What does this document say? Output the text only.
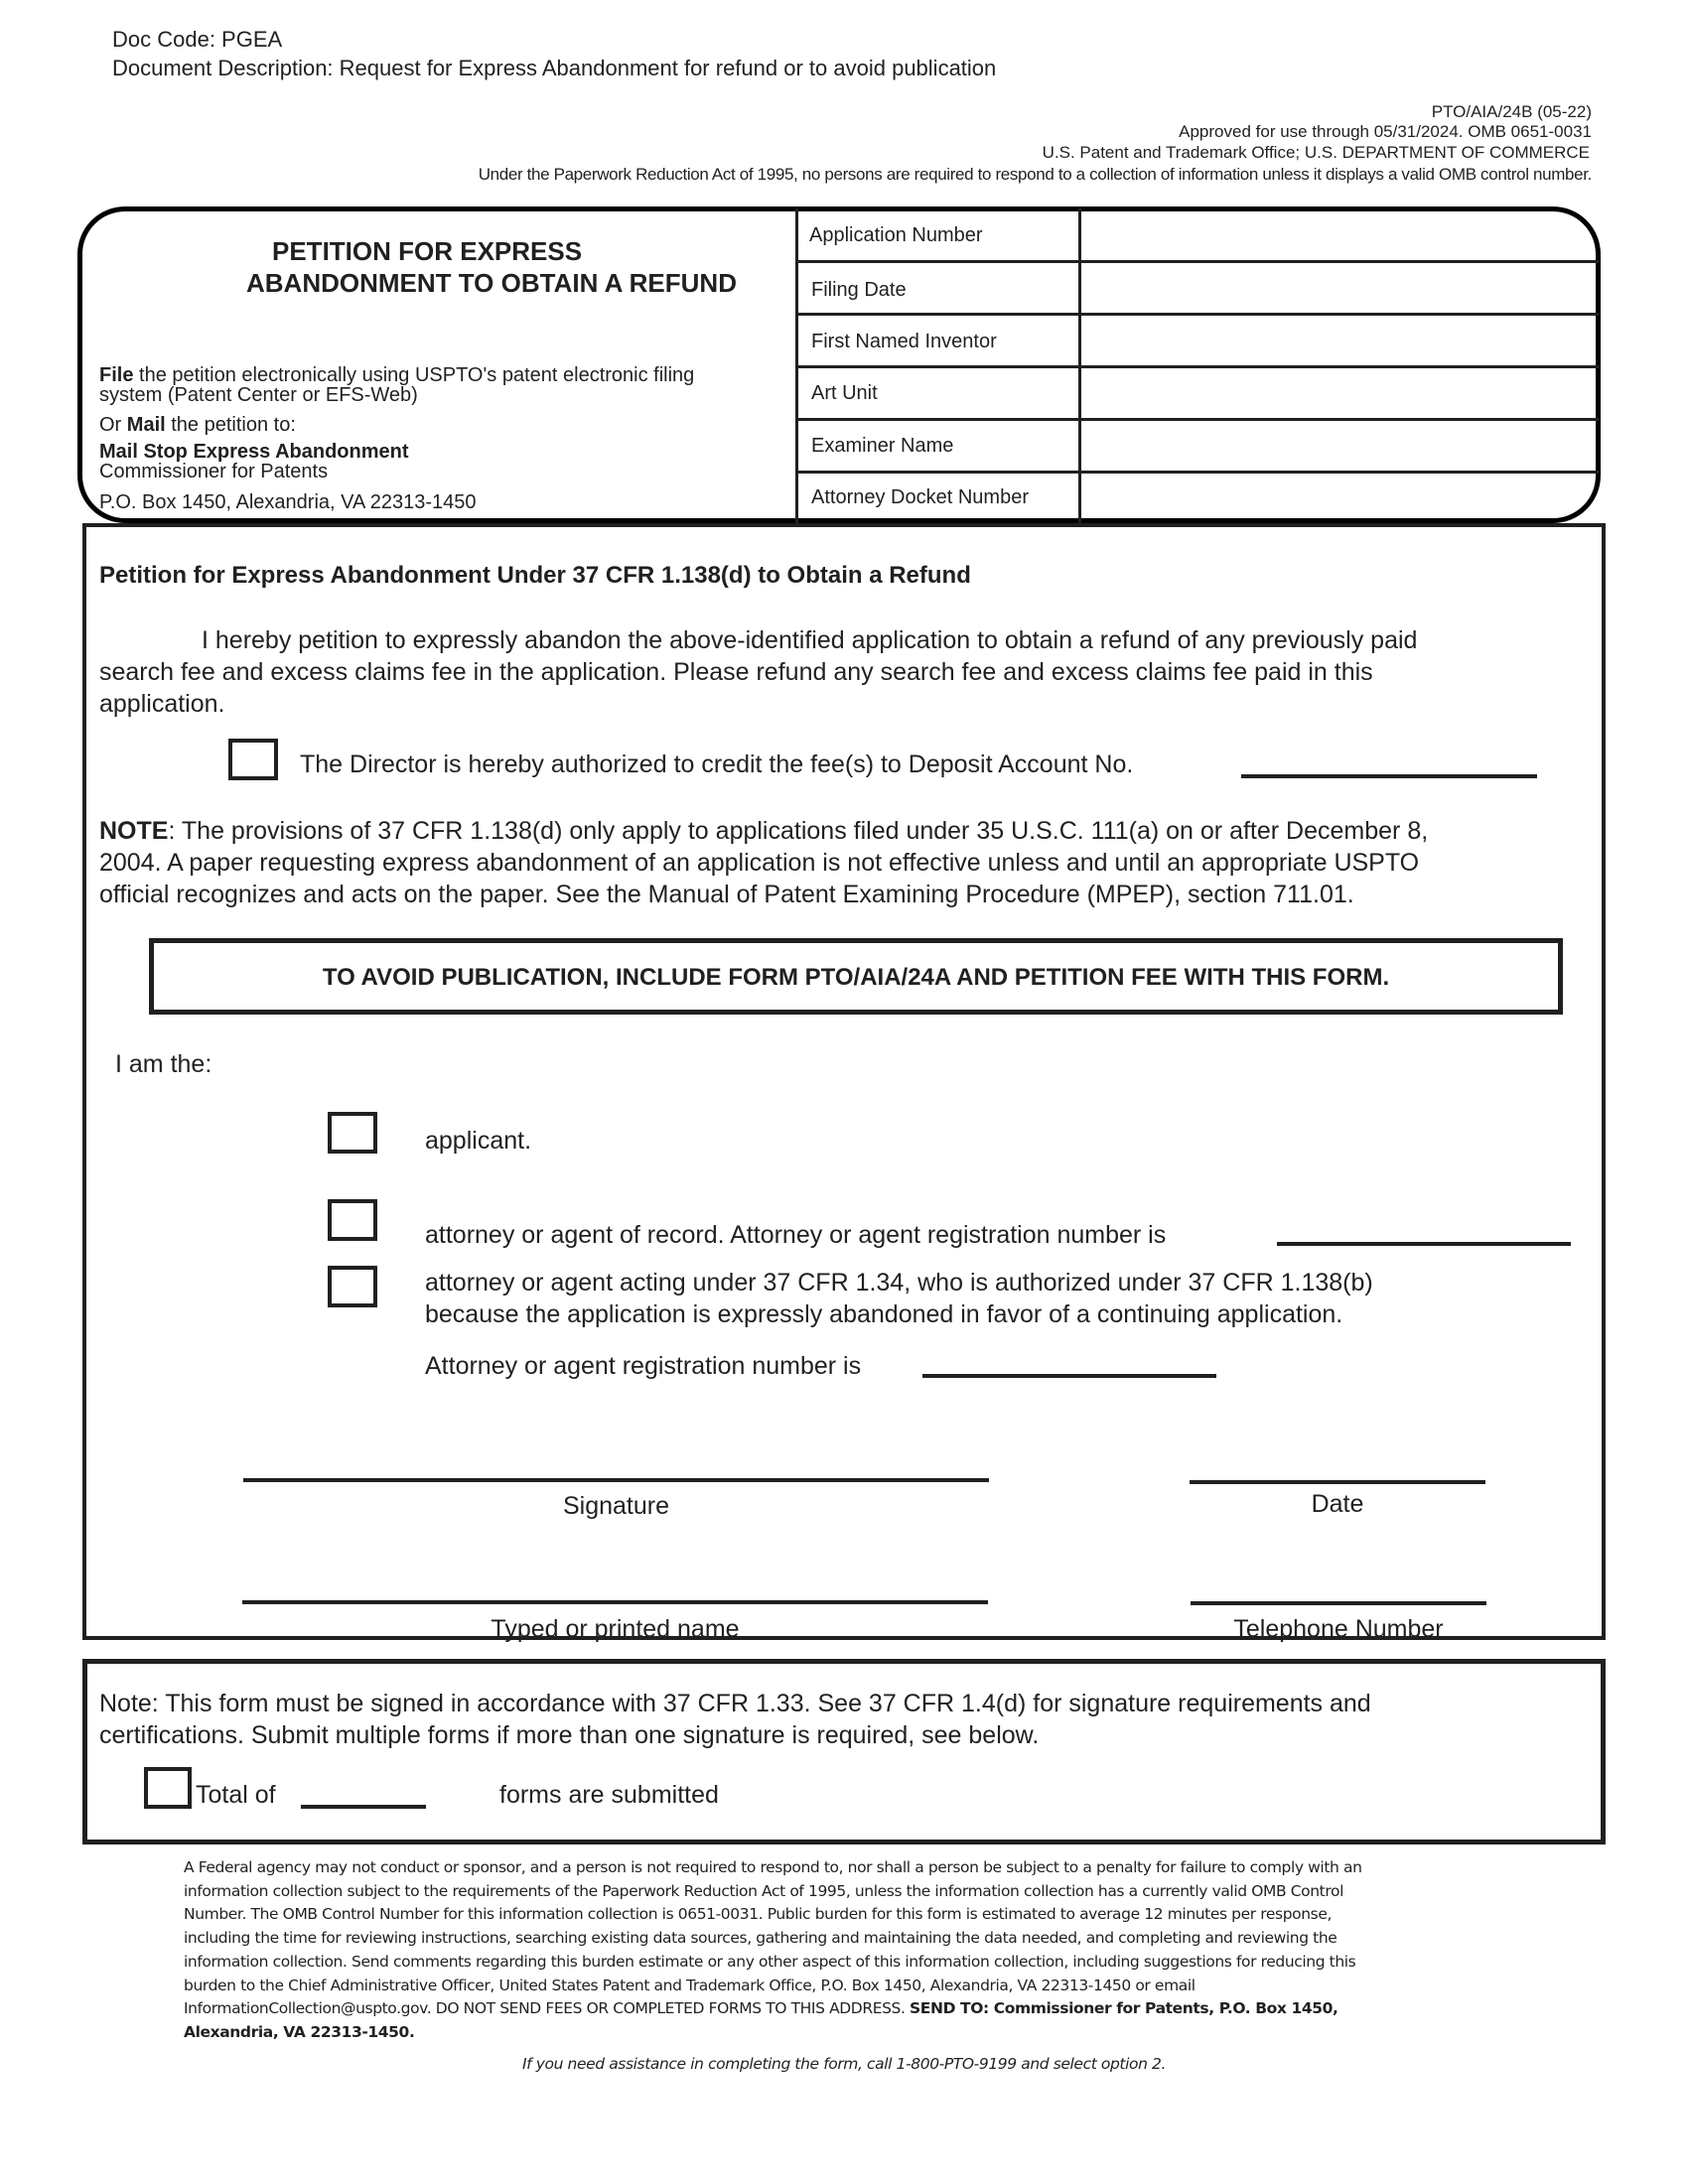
Doc Code: PGEA
Document Description: Request for Express Abandonment for refund or to avoid publication
PTO/AIA/24B (05-22)
Approved for use through 05/31/2024. OMB 0651-0031
U.S. Patent and Trademark Office; U.S. DEPARTMENT OF COMMERCE
Under the Paperwork Reduction Act of 1995, no persons are required to respond to a collection of information unless it displays a valid OMB control number.
PETITION FOR EXPRESS
ABANDONMENT TO OBTAIN A REFUND
File the petition electronically using USPTO's patent electronic filing
system (Patent Center or EFS-Web)
Or Mail the petition to:
Mail Stop Express Abandonment
Commissioner for Patents
P.O. Box 1450, Alexandria, VA 22313-1450
Application Number
Filing Date
First Named Inventor
Art Unit
Examiner Name
Attorney Docket Number
Petition for Express Abandonment Under 37 CFR 1.138(d) to Obtain a Refund
I hereby petition to expressly abandon the above-identified application to obtain a refund of any previously paid
search fee and excess claims fee in the application. Please refund any search fee and excess claims fee paid in this
application.
The Director is hereby authorized to credit the fee(s) to Deposit Account No.
NOTE: The provisions of 37 CFR 1.138(d) only apply to applications filed under 35 U.S.C. 111(a) on or after December 8,
2004. A paper requesting express abandonment of an application is not effective unless and until an appropriate USPTO
official recognizes and acts on the paper. See the Manual of Patent Examining Procedure (MPEP), section 711.01.
TO AVOID PUBLICATION, INCLUDE FORM PTO/AIA/24A AND PETITION FEE WITH THIS FORM.
I am the:
applicant.
attorney or agent of record. Attorney or agent registration number is
attorney or agent acting under 37 CFR 1.34, who is authorized under 37 CFR 1.138(b)
because the application is expressly abandoned in favor of a continuing application.
Attorney or agent registration number is
Signature	Date
Typed or printed name	Telephone Number
Note: This form must be signed in accordance with 37 CFR 1.33. See 37 CFR 1.4(d) for signature requirements and
certifications. Submit multiple forms if more than one signature is required, see below.
Total of	forms are submitted
A Federal agency may not conduct or sponsor, and a person is not required to respond to, nor shall a person be subject to a penalty for failure to comply with an
information collection subject to the requirements of the Paperwork Reduction Act of 1995, unless the information collection has a currently valid OMB Control
Number. The OMB Control Number for this information collection is 0651-0031. Public burden for this form is estimated to average 12 minutes per response,
including the time for reviewing instructions, searching existing data sources, gathering and maintaining the data needed, and completing and reviewing the
information collection. Send comments regarding this burden estimate or any other aspect of this information collection, including suggestions for reducing this
burden to the Chief Administrative Officer, United States Patent and Trademark Office, P.O. Box 1450, Alexandria, VA 22313-1450 or email
InformationCollection@uspto.gov. DO NOT SEND FEES OR COMPLETED FORMS TO THIS ADDRESS. SEND TO: Commissioner for Patents, P.O. Box 1450,
Alexandria, VA 22313-1450.
If you need assistance in completing the form, call 1-800-PTO-9199 and select option 2.
